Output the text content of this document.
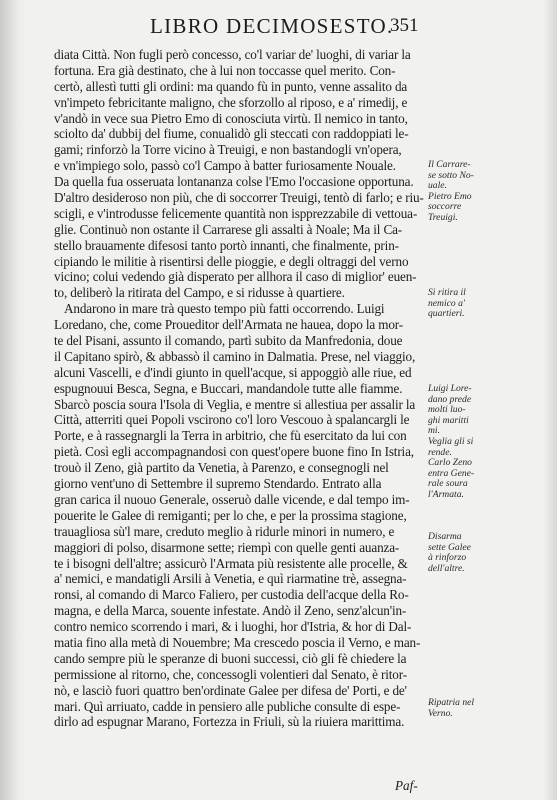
LIBRO DECIMOSESTO.
351
diata Città. Non fugli però concesso, co'l variar de' luoghi, di variar la
fortuna. Era già destinato, che à lui non toccasse quel merito. Con-
certò, allestì tutti gli ordini: ma quando fù in punto, venne assalito da
vn'impeto febricitante maligno, che sforzollo al riposo, e a' rimedij, e
v'andò in vece sua Pietro Emo di conosciuta virtù. Il nemico in tanto,
sciolto da' dubbij del fiume, conualidò gli steccati con raddoppiati le-
gami; rinforzò la Torre vicino à Treuigi, e non bastandogli vn'opera,
e vn'impiego solo, passò co'l Campo à batter furiosamente Nouale.
Da quella fua osseruata lontananza colse l'Emo l'occasione opportuna.
D'altro desideroso non più, che di soccorrer Treuigi, tentò di farlo; e riu-
scigli, e v'introdusse felicemente quantità non ispprezzabile di vettoua-
glie. Continuò non ostante il Carrarese gli assalti à Noale; Ma il Ca-
stello brauamente difesosi tanto portò innanti, che finalmente, prin-
cipiando le militie à risentirsi delle pioggie, e degli oltraggi del verno
vicino; colui vedendo già disperato per allhora il caso di miglior' euen-
to, deliberò la ritirata del Campo, e si ridusse à quartiere.
Andarono in mare trà questo tempo più fatti occorrendo. Luigi
Loredano, che, come Proueditor dell'Armata ne haueа, dopo la mor-
te del Pisani, assunto il comando, partì subito da Manfredonia, doue
il Capitano spirò, & abbassò il camino in Dalmatia. Prese, nel viaggio,
alcuni Vascelli, e d'indi giunto in quell'acque, si appoggiò alle riue, ed
espugnouui Besca, Segna, e Buccari, mandandole tutte alle fiamme.
Sbarcò poscia soura l'Isola di Veglia, e mentre si allestiua per assalir la
Città, atterriti quei Popoli vscirono co'l loro Vescouo à spalancargli le
Porte, e à rassegnargli la Terra in arbitrio, che fù esercitato da lui con
pietà. Così egli accompagnandosi con quest'opere buone fino In Istria,
trouò il Zeno, già partito da Venetia, à Parenzo, e consegnogli nel
giorno vent'uno di Settembre il supremo Stendardo. Entrato alla
gran carica il nuouo Generale, osseruò dalle vicende, e dal tempo im-
pouerite le Galee di remiganti; per lo che, e per la prossima stagione,
trauagliosa sù'l mare, creduto meglio à ridurle minori in numero, e
maggiori di polso, disarmone sette; riempì con quelle genti auanza-
te i bisogni dell'altre; assicurò l'Armata più resistente alle procelle, &
a' nemici, e mandatigli Arsili à Venetia, e quì riarmatine trè, assegna-
ronsi, al comando di Marco Faliero, per custodia dell'acque della Ro-
magna, e della Marca, souente infestate. Andò il Zeno, senz'alcun'in-
contro nemico scorrendo i mari, & i luoghi, hor d'Istria, & hor di Dal-
matia fino alla metà di Nouembre; Ma crescedo poscia il Verno, e man-
cando sempre più le speranze di buoni successi, ciò gli fè chiedere la
permissione al ritorno, che, concessogli volentieri dal Senato, è ritor-
nò, e lasciò fuori quattro ben'ordinate Galee per difesa de' Porti, e de'
mari. Quì arriuato, cadde in pensiero alle publiche consulte di espe-
dirlo ad espugnar Marano, Fortezza in Friuli, sù la riuiera marittima.
Paf-
Il Carrare-
se sotto No-
uale.
Pietro Emo
soccorre
Treuigi.
Si ritira il
nemico a'
quartieri.
Luigi Lore-
dano prede
molti luo-
ghi maritti
mi.
Veglia gli si
rende.
Carlo Zeno
entra Gene-
rale soura
l'Armata.
Disarma
sette Galee
à rinforzo
dell'altre.
Ripatria nel
Verno.
